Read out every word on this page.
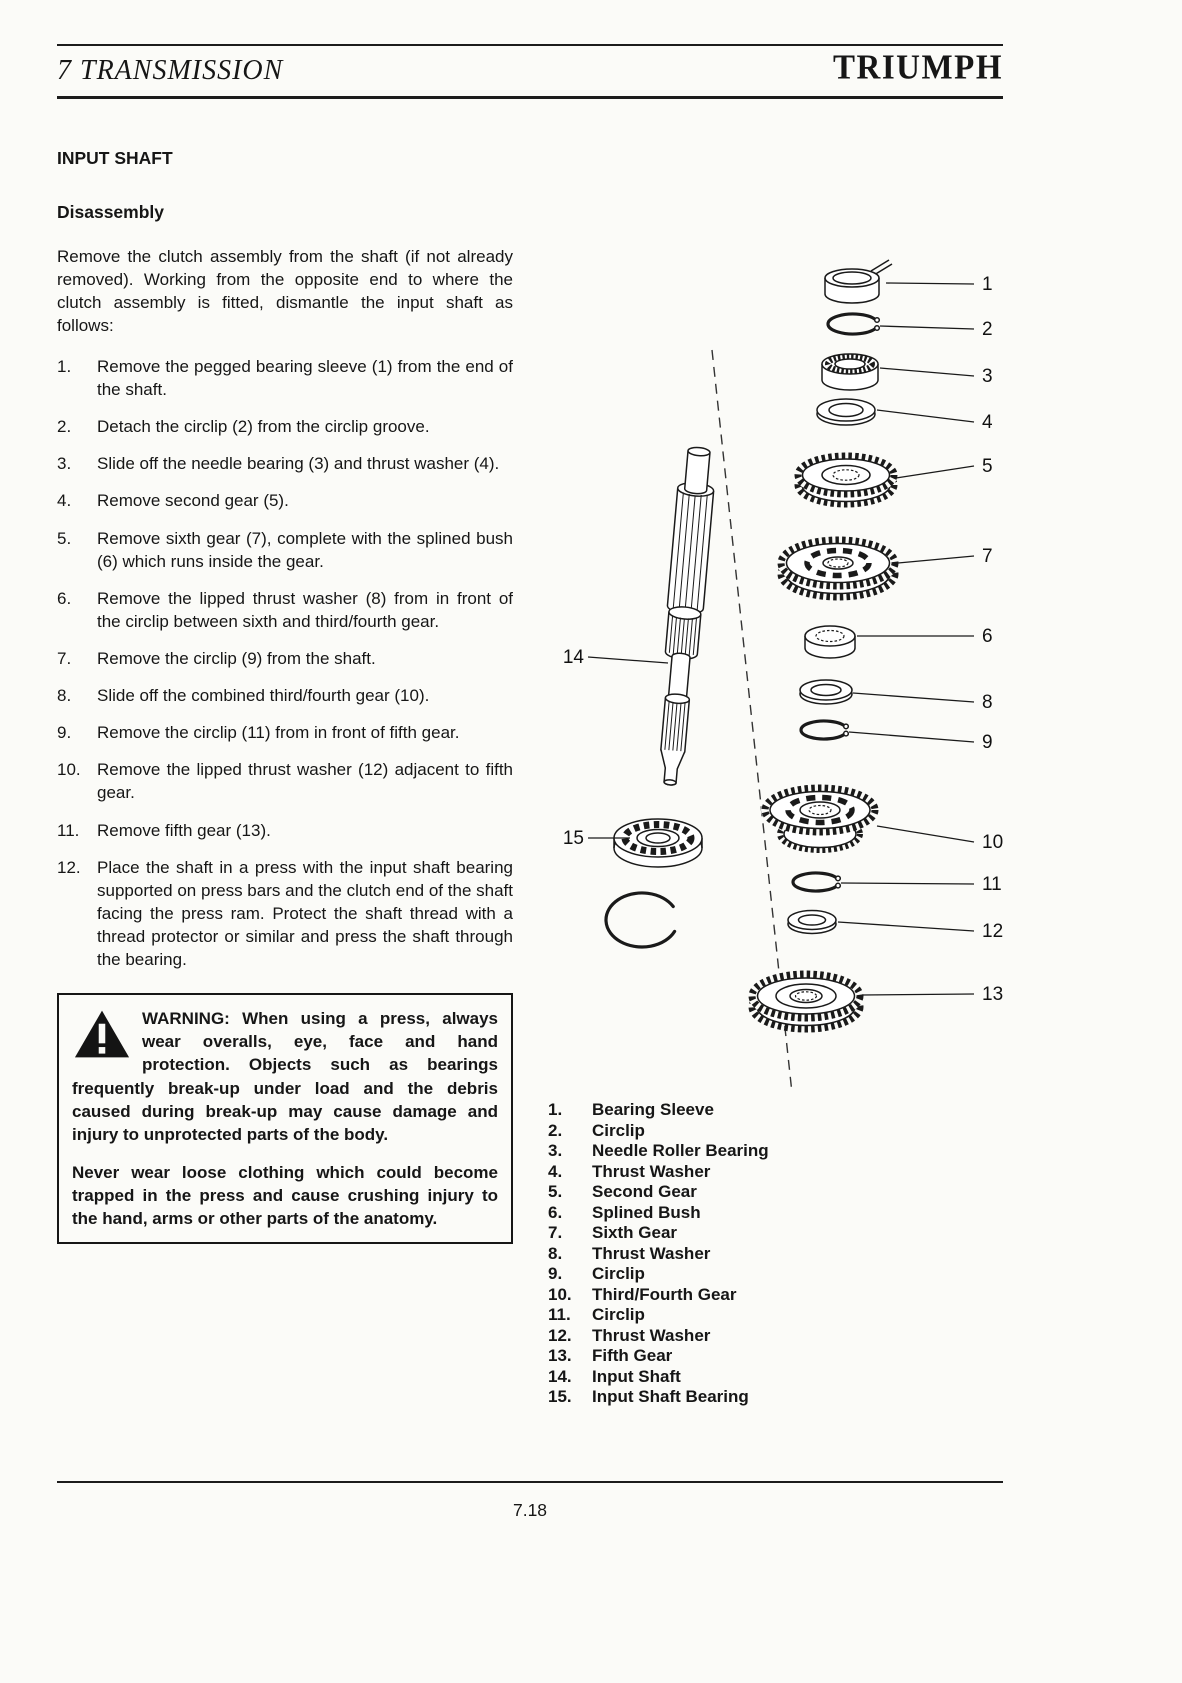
7 TRANSMISSION	TRIUMPH
INPUT SHAFT
Disassembly

Remove the clutch assembly from the shaft (if not already removed). Working from the opposite end to where the clutch assembly is fitted, dismantle the input shaft as follows:

1.	Remove the pegged bearing sleeve (1) from the end of the shaft.
2.	Detach the circlip (2) from the circlip groove.
3.	Slide off the needle bearing (3) and thrust washer (4).
4.	Remove second gear (5).
5.	Remove sixth gear (7), complete with the splined bush (6) which runs inside the gear.
6.	Remove the lipped thrust washer (8) from in front of the circlip between sixth and third/fourth gear.
7.	Remove the circlip (9) from the shaft.
8.	Slide off the combined third/fourth gear (10).
9.	Remove the circlip (11) from in front of fifth gear.
10. Remove the lipped thrust washer (12) adjacent to fifth gear.
11.	Remove fifth gear (13).
12. Place the shaft in a press with the input shaft bearing supported on press bars and the clutch end of the shaft facing the press ram. Protect the shaft thread with a thread protector or similar and press the shaft through the bearing.

WARNING: When using a press, always wear overalls, eye, face and hand protection. Objects such as bearings frequently break-up under load and the debris caused during break-up may cause damage and injury to unprotected parts of the body.

Never wear loose clothing which could become trapped in the press and cause crushing injury to the hand, arms or other parts of the anatomy.

1
2
3
4
5
7
6
8
9
10
11
12
13
14
15
1.	Bearing Sleeve
2.	Circlip
3.	Needle Roller Bearing
4.	Thrust Washer
5.	Second Gear
6.	Splined Bush
7.	Sixth Gear
8.	Thrust Washer
9.	Circlip
10.	Third/Fourth Gear
11.	Circlip
12.	Thrust Washer
13.	Fifth Gear
14.	Input Shaft
15.	Input Shaft Bearing
7.18
